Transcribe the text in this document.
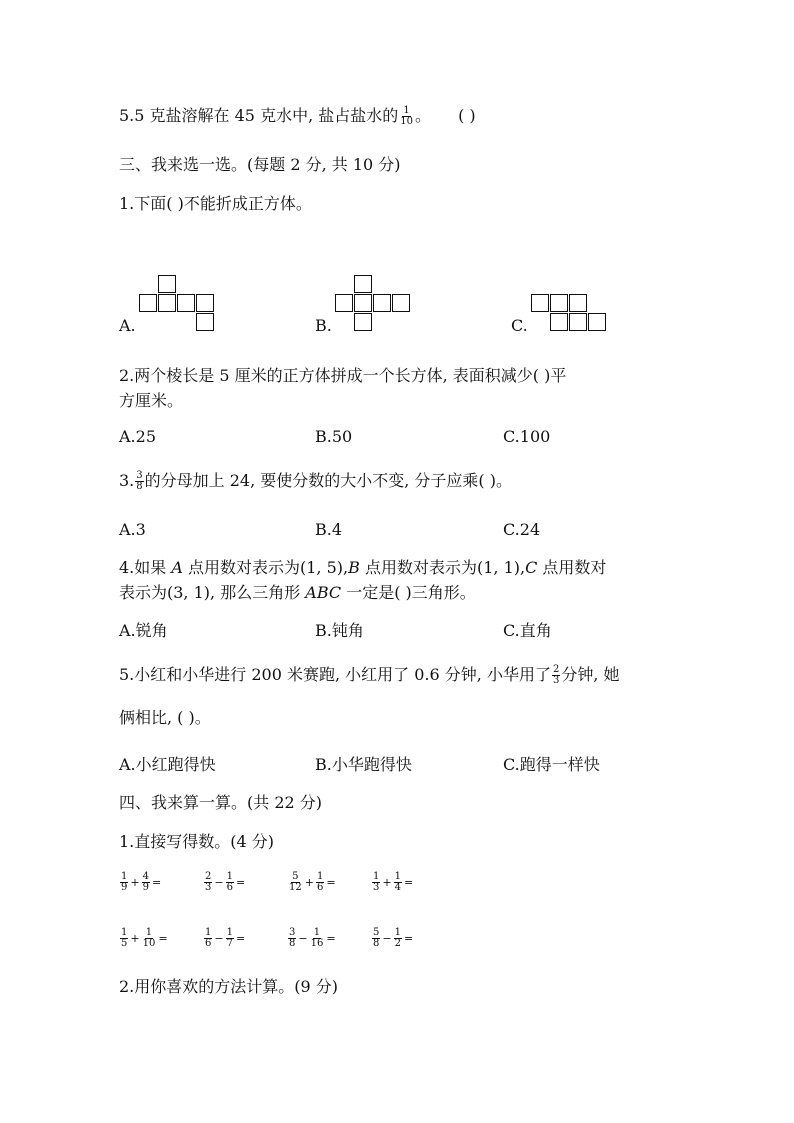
5.5 克盐溶解在 45 克水中, 盐占盐水的 $\frac{1}{10}$ 。 ( )
三、我来选一选。(每题 2 分, 共 10 分)
1.下面( )不能折成正方体。
A.	B.	C.
2.两个棱长是 5 厘米的正方体拼成一个长方体, 表面积减少( )平
方厘米。
A.25	B.50	C.100
3. $\frac{3}{8}$ 的分母加上 24, 要使分数的大小不变, 分子应乘( )。
A.3	B.4	C.24
4.如果 A 点用数对表示为(1, 5),B 点用数对表示为(1, 1),C 点用数对
表示为(3, 1), 那么三角形 ABC 一定是( )三角形。
A.锐角	B.钝角	C.直角
5.小红和小华进行 200 米赛跑, 小红用了 0.6 分钟, 小华用了 $\frac{2}{3}$ 分钟, 她
俩相比, ( )。
A.小红跑得快	B.小华跑得快	C.跑得一样快
四、我来算一算。(共 22 分)
1.直接写得数。(4 分)
$\frac{1}{9} + \frac{4}{9}$ =	$\frac{2}{3} - \frac{1}{6}$ =	$\frac{5}{12} + \frac{1}{6}$ =	$\frac{1}{3} + \frac{1}{4}$ =
$\frac{1}{5} + \frac{1}{10}$ =	$\frac{1}{6} - \frac{1}{7}$ =	$\frac{3}{8} - \frac{1}{16}$ =	$\frac{5}{8} - \frac{1}{2}$ =
2.用你喜欢的方法计算。(9 分)
